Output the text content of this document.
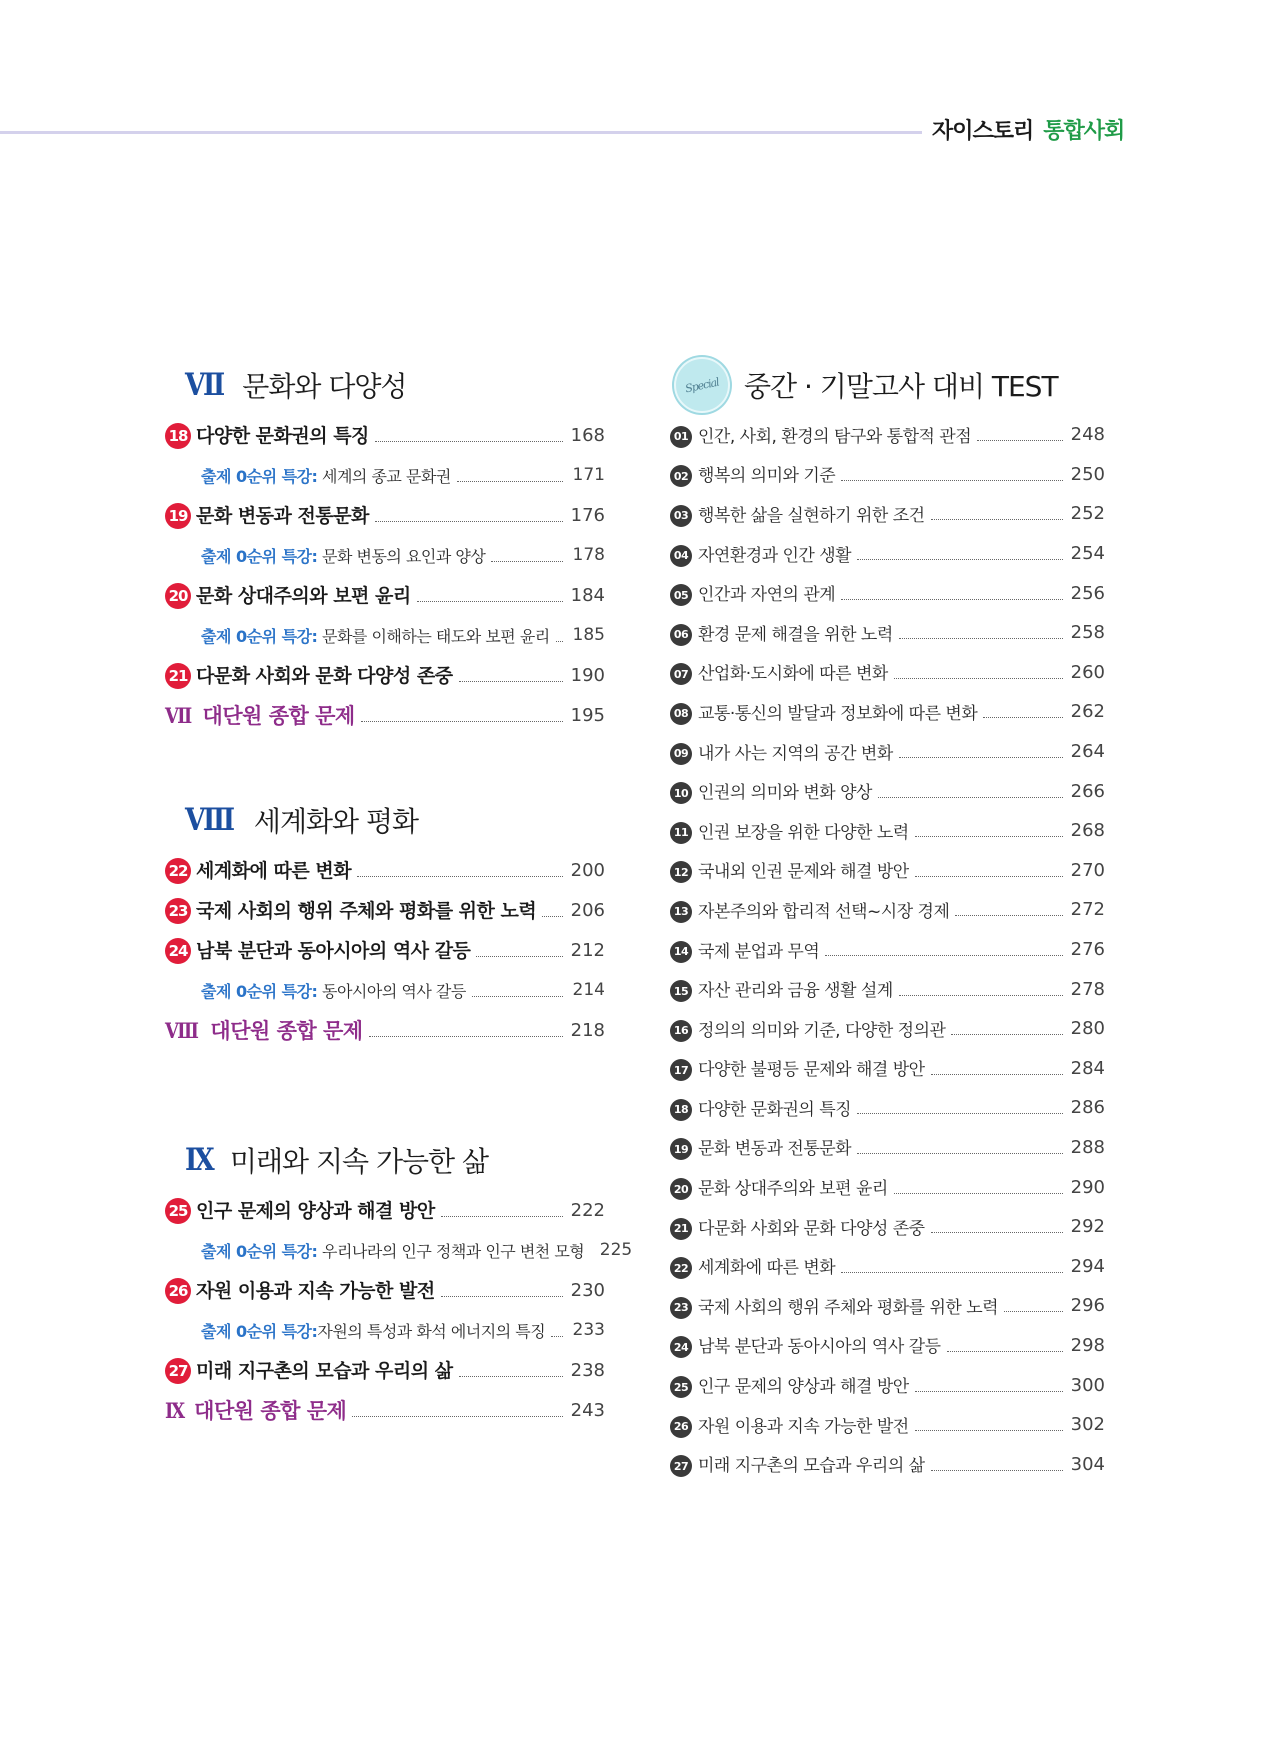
자이스토리 통합사회
Ⅶ 문화와 다양성
18 다양한 문화권의 특징	168
출제 0순위 특강: 세계의 종교 문화권	171
19 문화 변동과 전통문화	176
출제 0순위 특강: 문화 변동의 요인과 양상	178
20 문화 상대주의와 보편 윤리	184
출제 0순위 특강: 문화를 이해하는 태도와 보편 윤리	185
21 다문화 사회와 문화 다양성 존중	190
Ⅶ 대단원 종합 문제	195
Ⅷ 세계화와 평화
22 세계화에 따른 변화	200
23 국제 사회의 행위 주체와 평화를 위한 노력 206
24 남북 분단과 동아시아의 역사 갈등	212
출제 0순위 특강: 동아시아의 역사 갈등	214
Ⅷ 대단원 종합 문제	218
Ⅸ 미래와 지속 가능한 삶
25 인구 문제의 양상과 해결 방안	222
출제 0순위 특강: 우리나라의 인구 정책과 인구 변천 모형 225
26 자원 이용과 지속 가능한 발전	230
출제 0순위 특강:자원의 특성과 화석 에너지의 특징	233
27 미래 지구촌의 모습과 우리의 삶	238
Ⅸ 대단원 종합 문제	243
Special 중간 · 기말고사 대비 TEST
01 인간, 사회, 환경의 탐구와 통합적 관점	248
02 행복의 의미와 기준	250
03 행복한 삶을 실현하기 위한 조건	252
04 자연환경과 인간 생활	254
05 인간과 자연의 관계	256
06 환경 문제 해결을 위한 노력	258
07 산업화·도시화에 따른 변화	260
08 교통·통신의 발달과 정보화에 따른 변화	262
09 내가 사는 지역의 공간 변화	264
10 인권의 의미와 변화 양상	266
11 인권 보장을 위한 다양한 노력	268
12 국내외 인권 문제와 해결 방안	270
13 자본주의와 합리적 선택~시장 경제	272
14 국제 분업과 무역	276
15 자산 관리와 금융 생활 설계	278
16 정의의 의미와 기준, 다양한 정의관	280
17 다양한 불평등 문제와 해결 방안	284
18 다양한 문화권의 특징	286
19 문화 변동과 전통문화	288
20 문화 상대주의와 보편 윤리	290
21 다문화 사회와 문화 다양성 존중	292
22 세계화에 따른 변화	294
23 국제 사회의 행위 주체와 평화를 위한 노력	296
24 남북 분단과 동아시아의 역사 갈등	298
25 인구 문제의 양상과 해결 방안	300
26 자원 이용과 지속 가능한 발전	302
27 미래 지구촌의 모습과 우리의 삶	304
